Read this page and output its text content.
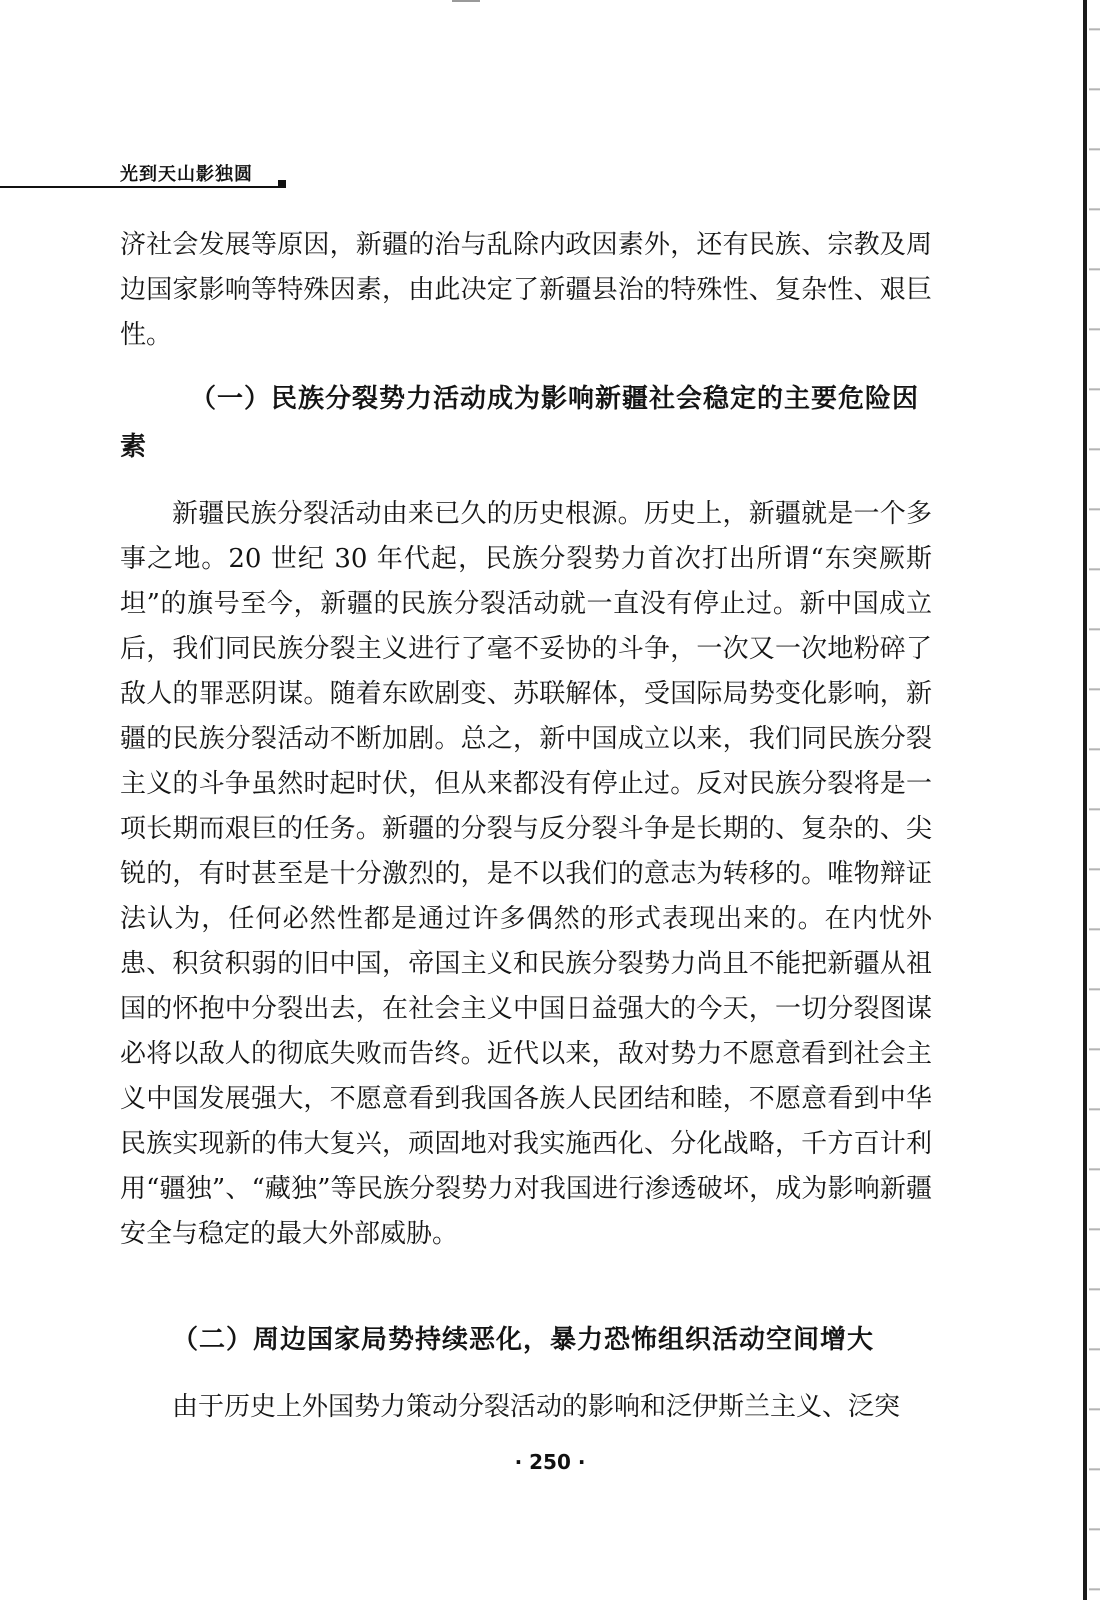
光到天山影独圆

济社会发展等原因，新疆的治与乱除内政因素外，还有民族、宗教及周边国家影响等特殊因素，由此决定了新疆县治的特殊性、复杂性、艰巨性。

（一）民族分裂势力活动成为影响新疆社会稳定的主要危险因素

新疆民族分裂活动由来已久的历史根源。历史上，新疆就是一个多事之地。20 世纪 30 年代起，民族分裂势力首次打出所谓“东突厥斯坦”的旗号至今，新疆的民族分裂活动就一直没有停止过。新中国成立后，我们同民族分裂主义进行了毫不妥协的斗争，一次又一次地粉碎了敌人的罪恶阴谋。随着东欧剧变、苏联解体，受国际局势变化影响，新疆的民族分裂活动不断加剧。总之，新中国成立以来，我们同民族分裂主义的斗争虽然时起时伏，但从来都没有停止过。反对民族分裂将是一项长期而艰巨的任务。新疆的分裂与反分裂斗争是长期的、复杂的、尖锐的，有时甚至是十分激烈的，是不以我们的意志为转移的。唯物辩证法认为，任何必然性都是通过许多偶然的形式表现出来的。在内忧外患、积贫积弱的旧中国，帝国主义和民族分裂势力尚且不能把新疆从祖国的怀抱中分裂出去，在社会主义中国日益强大的今天，一切分裂图谋必将以敌人的彻底失败而告终。近代以来，敌对势力不愿意看到社会主义中国发展强大，不愿意看到我国各族人民团结和睦，不愿意看到中华民族实现新的伟大复兴，顽固地对我实施西化、分化战略，千方百计利用“疆独”、“藏独”等民族分裂势力对我国进行渗透破坏，成为影响新疆安全与稳定的最大外部威胁。

（二）周边国家局势持续恶化，暴力恐怖组织活动空间增大

由于历史上外国势力策动分裂活动的影响和泛伊斯兰主义、泛突

· 250 ·
